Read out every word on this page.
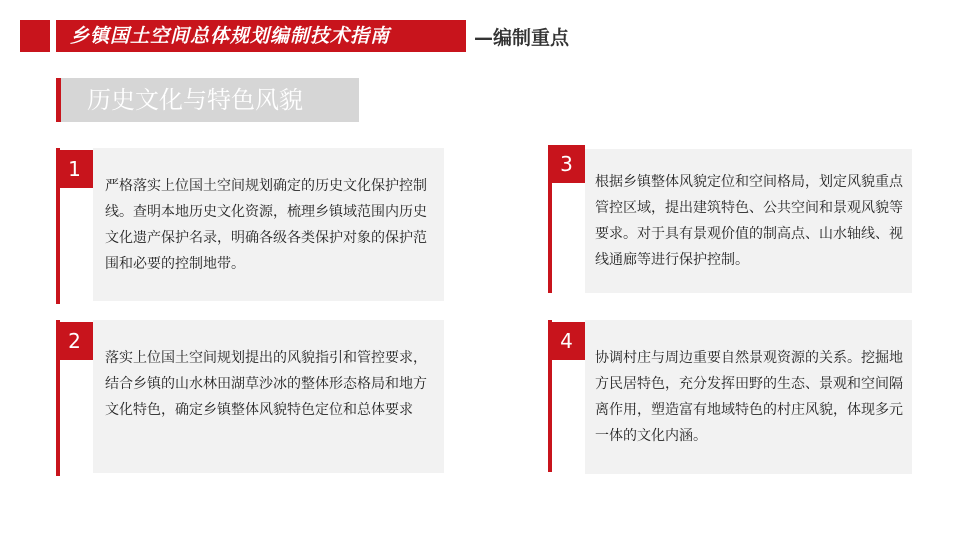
乡镇国土空间总体规划编制技术指南	—编制重点
历史文化与特色风貌
1
严格落实上位国土空间规划确定的历史文化保护控制线。查明本地历史文化资源，梳理乡镇域范围内历史文化遗产保护名录，明确各级各类保护对象的保护范围和必要的控制地带。
2
落实上位国土空间规划提出的风貌指引和管控要求，结合乡镇的山水林田湖草沙冰的整体形态格局和地方文化特色，确定乡镇整体风貌特色定位和总体要求
3
根据乡镇整体风貌定位和空间格局，划定风貌重点管控区域，提出建筑特色、公共空间和景观风貌等要求。对于具有景观价值的制高点、山水轴线、视线通廊等进行保护控制。
4
协调村庄与周边重要自然景观资源的关系。挖掘地方民居特色，充分发挥田野的生态、景观和空间隔离作用，塑造富有地域特色的村庄风貌，体现多元一体的文化内涵。
